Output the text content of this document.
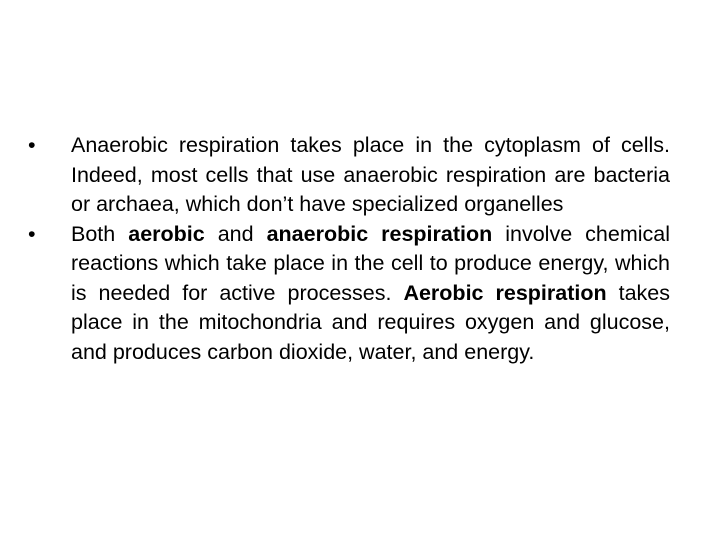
•	Anaerobic respiration takes place in the cytoplasm of cells. Indeed, most cells that use anaerobic respiration are bacteria or archaea, which don’t have specialized organelles
•	Both aerobic and anaerobic respiration involve chemical reactions which take place in the cell to produce energy, which is needed for active processes. Aerobic respiration takes place in the mitochondria and requires oxygen and glucose, and produces carbon dioxide, water, and energy.
